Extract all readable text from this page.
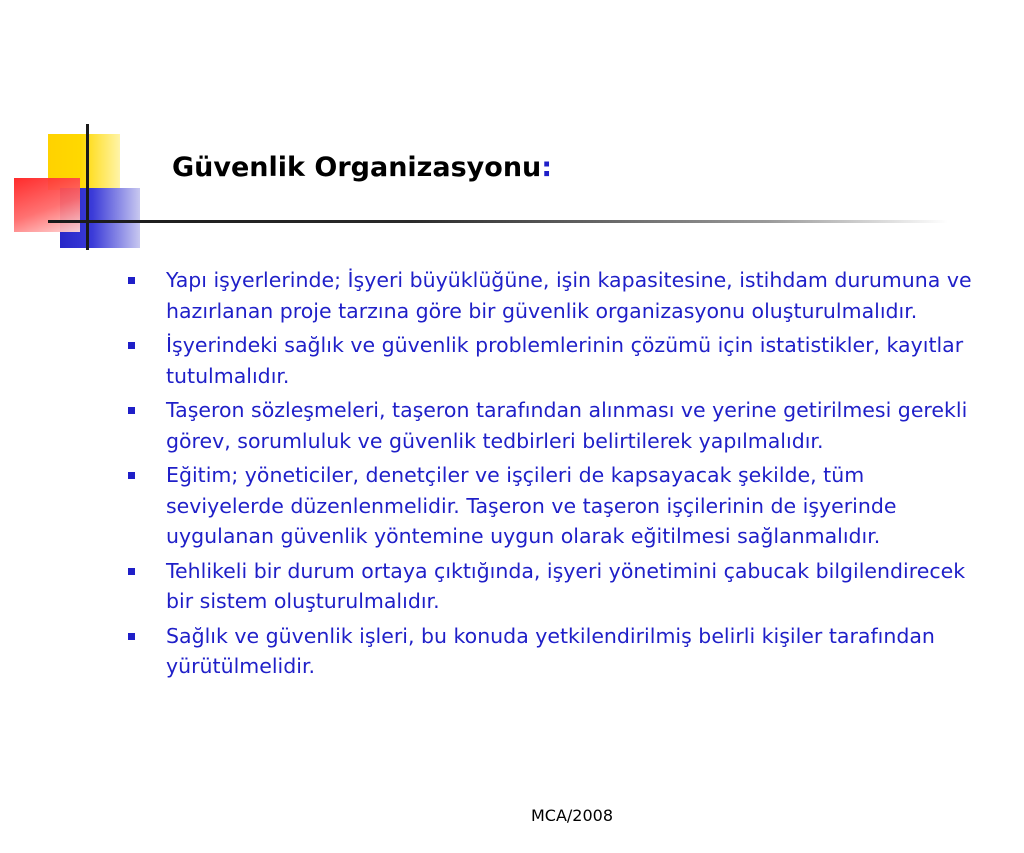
Güvenlik Organizasyonu:
Yapı işyerlerinde; İşyeri büyüklüğüne, işin kapasitesine, istihdam durumuna ve hazırlanan proje tarzına göre bir güvenlik organizasyonu oluşturulmalıdır.
İşyerindeki sağlık ve güvenlik problemlerinin çözümü için istatistikler, kayıtlar tutulmalıdır.
Taşeron sözleşmeleri, taşeron tarafından alınması ve yerine getirilmesi gerekli görev, sorumluluk ve güvenlik tedbirleri belirtilerek yapılmalıdır.
Eğitim; yöneticiler, denetçiler ve işçileri de kapsayacak şekilde, tüm seviyelerde düzenlenmelidir. Taşeron ve taşeron işçilerinin de işyerinde uygulanan güvenlik yöntemine uygun olarak eğitilmesi sağlanmalıdır.
Tehlikeli bir durum ortaya çıktığında, işyeri yönetimini çabucak bilgilendirecek bir sistem oluşturulmalıdır.
Sağlık ve güvenlik işleri, bu konuda yetkilendirilmiş belirli kişiler tarafından yürütülmelidir.
MCA/2008
